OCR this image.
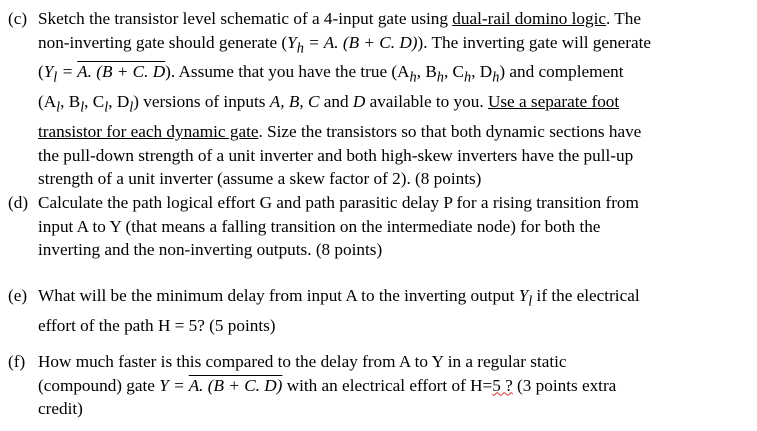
(c) Sketch the transistor level schematic of a 4-input gate using dual-rail domino logic. The
non-inverting gate should generate ($Y_h = A$. (B + C. D)). The inverting gate will generate
($Y_l = A$. (B + C. D). Assume that you have the true ($A_h$, $B_h$, $C_h$, $D_h$) and complement
($A_l$, $B_l$, $C_l$, $D_l$) versions of inputs A, B, C and D available to you. Use a separate foot
transistor for each dynamic gate. Size the transistors so that both dynamic sections have
the pull-down strength of a unit inverter and both high-skew inverters have the pull-up
strength of a unit inverter (assume a skew factor of 2). (8 points)
(d) Calculate the path logical effort G and path parasitic delay P for a rising transition from
input A to Y (that means a falling transition on the intermediate node) for both the
inverting and the non-inverting outputs. (8 points)
(e) What will be the minimum delay from input A to the inverting output $Y_l$ if the electrical
effort of the path H = 5? (5 points)
(f) How much faster is this compared to the delay from A to Y in a regular static
(compound) gate Y = A. (B + C. D) with an electrical effort of H=5 ? (3 points extra
credit)
